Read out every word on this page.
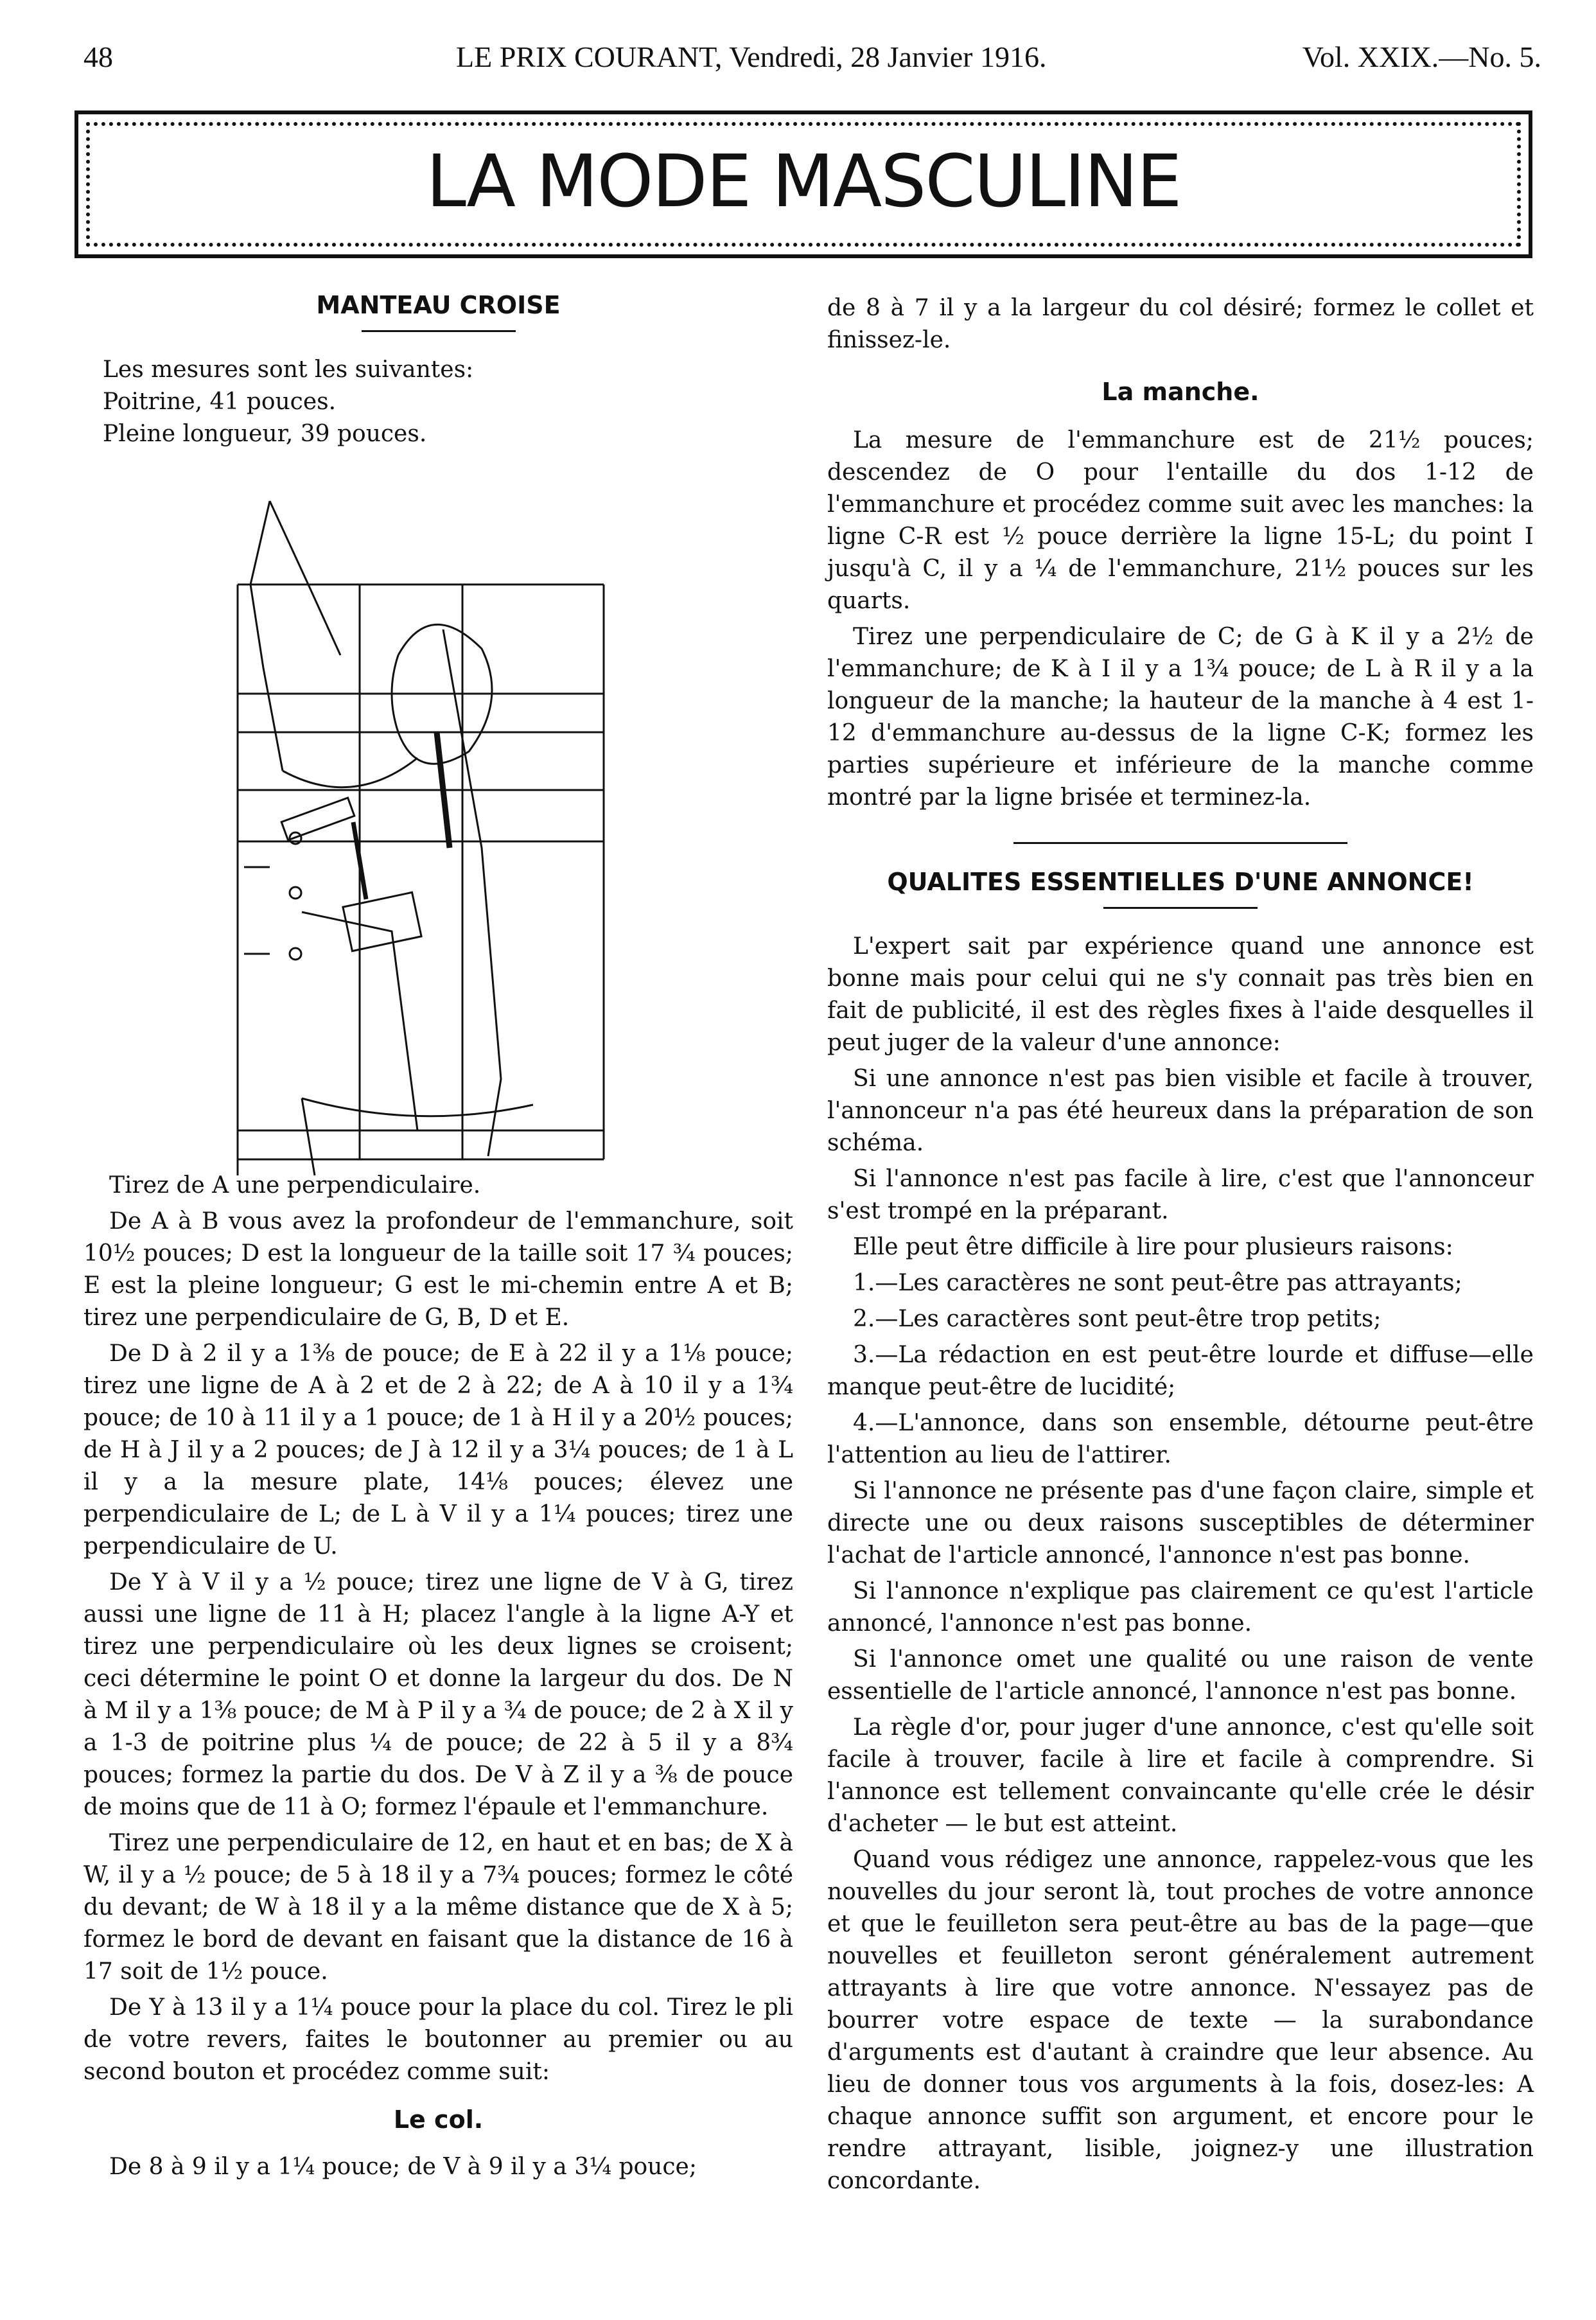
48	LE PRIX COURANT, Vendredi, 28 Janvier 1916.	Vol. XXIX.—No. 5.
LA MODE MASCULINE

MANTEAU CROISE

Les mesures sont les suivantes:
Poitrine, 41 pouces.
Pleine longueur, 39 pouces.

Tirez de A une perpendiculaire.

De A à B vous avez la profondeur de l'emmanchure, soit 10½ pouces; D est la longueur de la taille soit 17 ¾ pouces; E est la pleine longueur; G est le mi-chemin entre A et B; tirez une perpendiculaire de G, B, D et E.

De D à 2 il y a 1⅜ de pouce; de E à 22 il y a 1⅛ pouce; tirez une ligne de A à 2 et de 2 à 22; de A à 10 il y a 1¾ pouce; de 10 à 11 il y a 1 pouce; de 1 à H il y a 20½ pouces; de H à J il y a 2 pouces; de J à 12 il y a 3¼ pouces; de 1 à L il y a la mesure plate, 14⅛ pouces; élevez une perpendiculaire de L; de L à V il y a 1¼ pouces; tirez une perpendiculaire de U.

De Y à V il y a ½ pouce; tirez une ligne de V à G, tirez aussi une ligne de 11 à H; placez l'angle à la ligne A-Y et tirez une perpendiculaire où les deux lignes se croisent; ceci détermine le point O et donne la largeur du dos. De N à M il y a 1⅜ pouce; de M à P il y a ¾ de pouce; de 2 à X il y a 1-3 de poitrine plus ¼ de pouce; de 22 à 5 il y a 8¾ pouces; formez la partie du dos. De V à Z il y a ⅜ de pouce de moins que de 11 à O; formez l'épaule et l'emmanchure.

Tirez une perpendiculaire de 12, en haut et en bas; de X à W, il y a ½ pouce; de 5 à 18 il y a 7¾ pouces; formez le côté du devant; de W à 18 il y a la même distance que de X à 5; formez le bord de devant en faisant que la distance de 16 à 17 soit de 1½ pouce.

De Y à 13 il y a 1¼ pouce pour la place du col. Tirez le pli de votre revers, faites le boutonner au premier ou au second bouton et procédez comme suit:

Le col.

De 8 à 9 il y a 1¼ pouce; de V à 9 il y a 3¼ pouce;

de 8 à 7 il y a la largeur du col désiré; formez le collet et finissez-le.

La manche.

La mesure de l'emmanchure est de 21½ pouces; descendez de O pour l'entaille du dos 1-12 de l'emmanchure et procédez comme suit avec les manches: la ligne C-R est ½ pouce derrière la ligne 15-L; du point I jusqu'à C, il y a ¼ de l'emmanchure, 21½ pouces sur les quarts.

Tirez une perpendiculaire de C; de G à K il y a 2½ de l'emmanchure; de K à I il y a 1¾ pouce; de L à R il y a la longueur de la manche; la hauteur de la manche à 4 est 1-12 d'emmanchure au-dessus de la ligne C-K; formez les parties supérieure et inférieure de la manche comme montré par la ligne brisée et terminez-la.

QUALITES ESSENTIELLES D'UNE ANNONCE!

L'expert sait par expérience quand une annonce est bonne mais pour celui qui ne s'y connait pas très bien en fait de publicité, il est des règles fixes à l'aide desquelles il peut juger de la valeur d'une annonce:

Si une annonce n'est pas bien visible et facile à trouver, l'annonceur n'a pas été heureux dans la préparation de son schéma.

Si l'annonce n'est pas facile à lire, c'est que l'annonceur s'est trompé en la préparant.

Elle peut être difficile à lire pour plusieurs raisons:

1.—Les caractères ne sont peut-être pas attrayants;

2.—Les caractères sont peut-être trop petits;

3.—La rédaction en est peut-être lourde et diffuse—elle manque peut-être de lucidité;

4.—L'annonce, dans son ensemble, détourne peut-être l'attention au lieu de l'attirer.

Si l'annonce ne présente pas d'une façon claire, simple et directe une ou deux raisons susceptibles de déterminer l'achat de l'article annoncé, l'annonce n'est pas bonne.

Si l'annonce n'explique pas clairement ce qu'est l'article annoncé, l'annonce n'est pas bonne.

Si l'annonce omet une qualité ou une raison de vente essentielle de l'article annoncé, l'annonce n'est pas bonne.

La règle d'or, pour juger d'une annonce, c'est qu'elle soit facile à trouver, facile à lire et facile à comprendre. Si l'annonce est tellement convaincante qu'elle crée le désir d'acheter — le but est atteint.

Quand vous rédigez une annonce, rappelez-vous que les nouvelles du jour seront là, tout proches de votre annonce et que le feuilleton sera peut-être au bas de la page—que nouvelles et feuilleton seront généralement autrement attrayants à lire que votre annonce. N'essayez pas de bourrer votre espace de texte — la surabondance d'arguments est d'autant à craindre que leur absence. Au lieu de donner tous vos arguments à la fois, dosez-les: A chaque annonce suffit son argument, et encore pour le rendre attrayant, lisible, joignez-y une illustration concordante.
